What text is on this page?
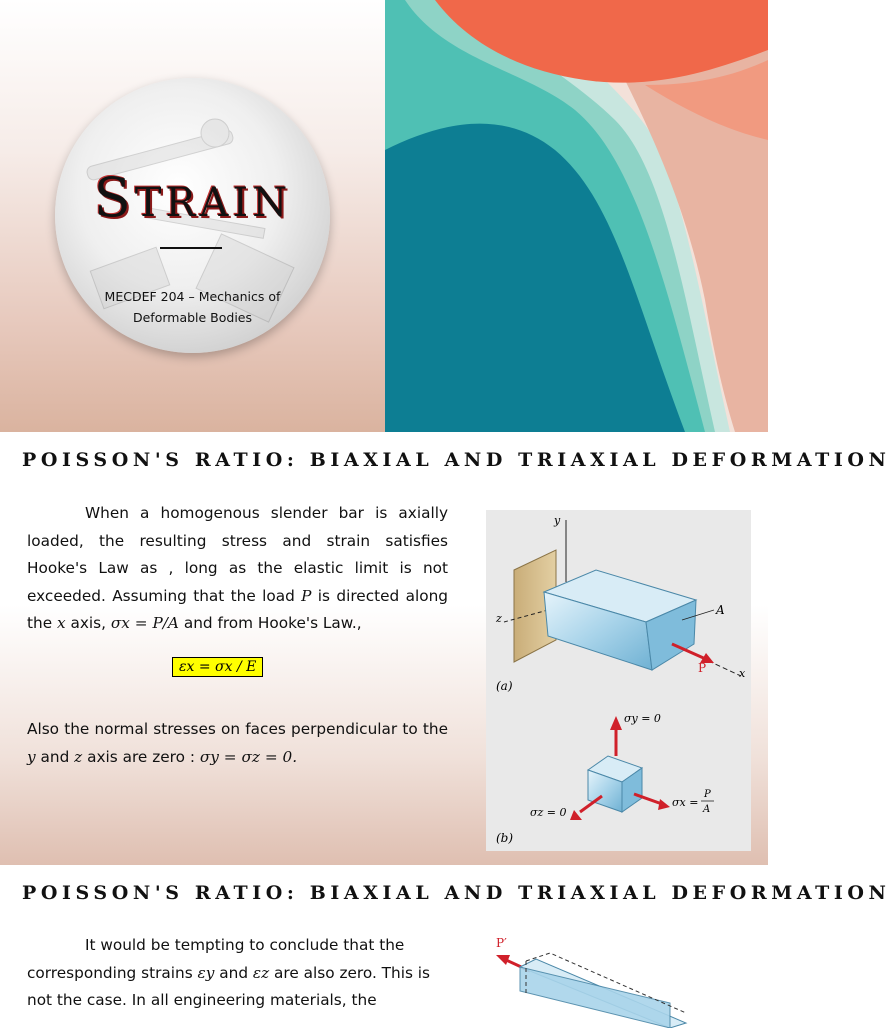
STRAIN
MECDEF 204 – Mechanics of
Deformable Bodies
POISSON'S RATIO: BIAXIAL AND TRIAXIAL DEFORMATION

When a homogenous slender bar is axially loaded, the resulting stress and strain satisfies Hooke's Law as , long as the elastic limit is not exceeded. Assuming that the load P is directed along the x axis, σx = P/A and from Hooke's Law.,

εx = σx / E

Also the normal stresses on faces perpendicular to the y and z axis are zero : σy = σz = 0.

y
z
x
A
P
(a)
σy = 0
σz = 0
σx =
P
A
(b)
POISSON'S RATIO: BIAXIAL AND TRIAXIAL DEFORMATION

It would be tempting to conclude that the
corresponding strains εy and εz are also zero. This is
not the case. In all engineering materials, the

P′
